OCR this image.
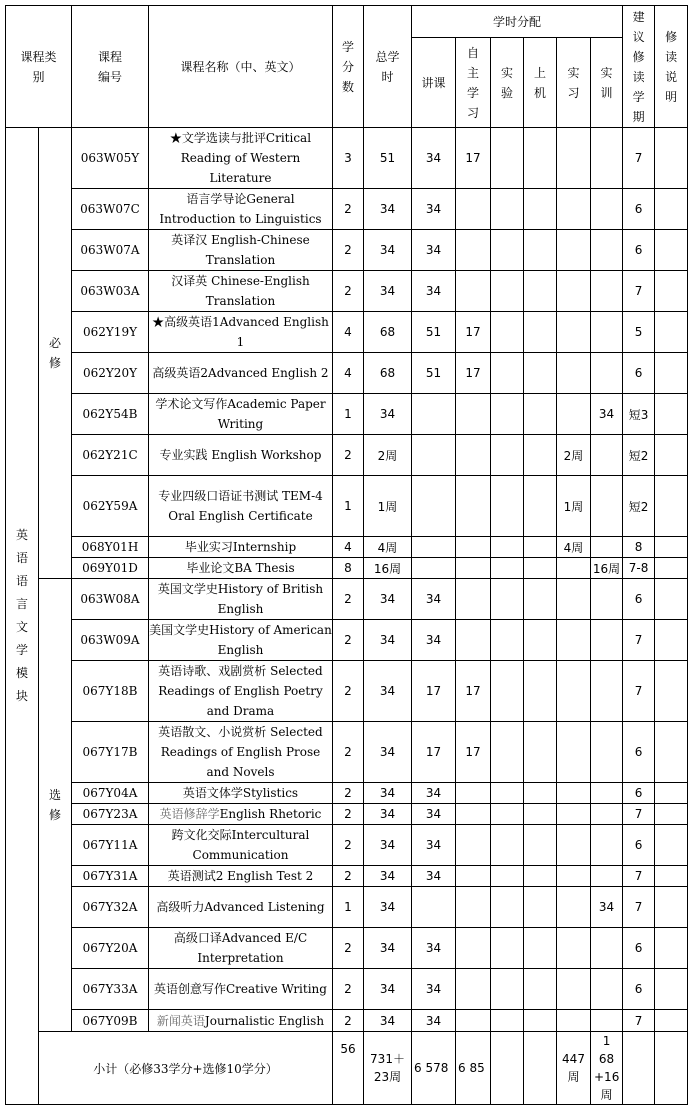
课程类别		课程编号	课程名称（中、英文）	学分数	总学时	学时分配						建议修读学期	修读说明
						讲课	自主学习	实验	上机	实习	实训		
英语语言文学模块	必修	063W05Y	★文学选读与批评Critical Reading of Western Literature	3	51	34	17					7	
		063W07C	语言学导论General Introduction to Linguistics	2	34	34						6	
		063W07A	英译汉 English-Chinese Translation	2	34	34						6	
		063W03A	汉译英 Chinese-English Translation	2	34	34						7	
		062Y19Y	★高级英语1Advanced English 1	4	68	51	17					5	
		062Y20Y	高级英语2Advanced English 2	4	68	51	17					6	
		062Y54B	学术论文写作Academic Paper Writing	1	34						34	短3	
		062Y21C	专业实践 English Workshop	2	2周					2周		短2	
		062Y59A	专业四级口语证书测试 TEM-4 Oral English Certificate	1	1周					1周		短2	
		068Y01H	毕业实习Internship	4	4周					4周		8	
		069Y01D	毕业论文BA Thesis	8	16周						16周	7-8	
	选修	063W08A	英国文学史History of British English	2	34	34						6	
		063W09A	美国文学史History of American English	2	34	34						7	
		067Y18B	英语诗歌、戏剧赏析 Selected Readings of English Poetry and Drama	2	34	17	17					7	
		067Y17B	英语散文、小说赏析 Selected Readings of English Prose and Novels	2	34	17	17					6	
		067Y04A	英语文体学Stylistics	2	34	34						6	
		067Y23A	英语修辞学English Rhetoric	2	34	34						7	
		067Y11A	跨文化交际Intercultural Communication	2	34	34						6	
		067Y31A	英语测试2 English Test 2	2	34	34						7	
		067Y32A	高级听力Advanced Listening	1	34						34	7	
		067Y20A	高级口译Advanced E/C Interpretation	2	34	34						6	
		067Y33A	英语创意写作Creative Writing	2	34	34						6	
		067Y09B	新闻英语Journalistic English	2	34	34						7	
	小计（必修33学分+选修10学分）			56	731＋23周	6 578	6 85			447周	1 68 +16周		
